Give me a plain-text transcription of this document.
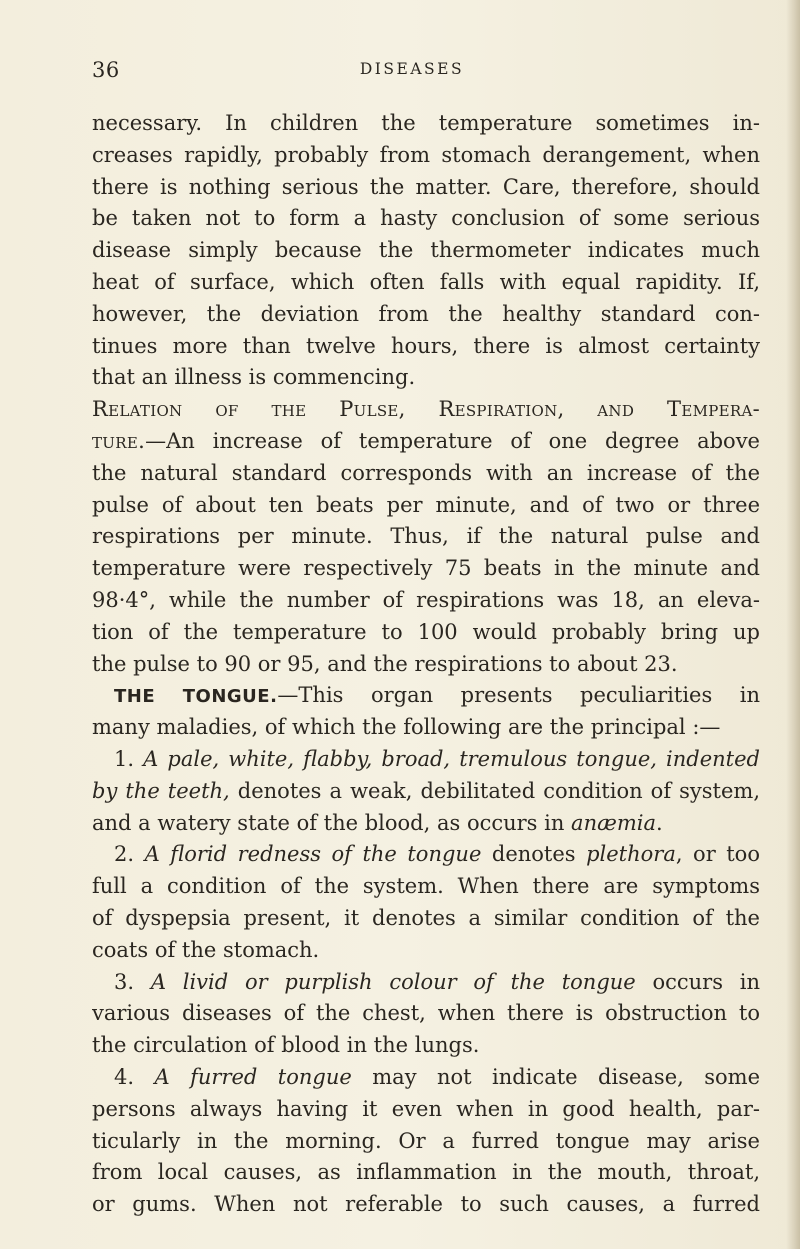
36	DISEASES
necessary. In children the temperature sometimes in-
creases rapidly, probably from stomach derangement, when
there is nothing serious the matter. Care, therefore, should
be taken not to form a hasty conclusion of some serious
disease simply because the thermometer indicates much
heat of surface, which often falls with equal rapidity. If,
however, the deviation from the healthy standard con-
tinues more than twelve hours, there is almost certainty
that an illness is commencing.
Relation of the Pulse, Respiration, and Tempera-
ture.—An increase of temperature of one degree above
the natural standard corresponds with an increase of the
pulse of about ten beats per minute, and of two or three
respirations per minute. Thus, if the natural pulse and
temperature were respectively 75 beats in the minute and
98·4°, while the number of respirations was 18, an eleva-
tion of the temperature to 100 would probably bring up
the pulse to 90 or 95, and the respirations to about 23.
THE TONGUE.—This organ presents peculiarities in
many maladies, of which the following are the principal :—
1. A pale, white, flabby, broad, tremulous tongue, indented
by the teeth, denotes a weak, debilitated condition of system,
and a watery state of the blood, as occurs in anæmia.
2. A florid redness of the tongue denotes plethora, or too
full a condition of the system. When there are symptoms
of dyspepsia present, it denotes a similar condition of the
coats of the stomach.
3. A livid or purplish colour of the tongue occurs in
various diseases of the chest, when there is obstruction to
the circulation of blood in the lungs.
4. A furred tongue may not indicate disease, some
persons always having it even when in good health, par-
ticularly in the morning. Or a furred tongue may arise
from local causes, as inflammation in the mouth, throat,
or gums. When not referable to such causes, a furred
